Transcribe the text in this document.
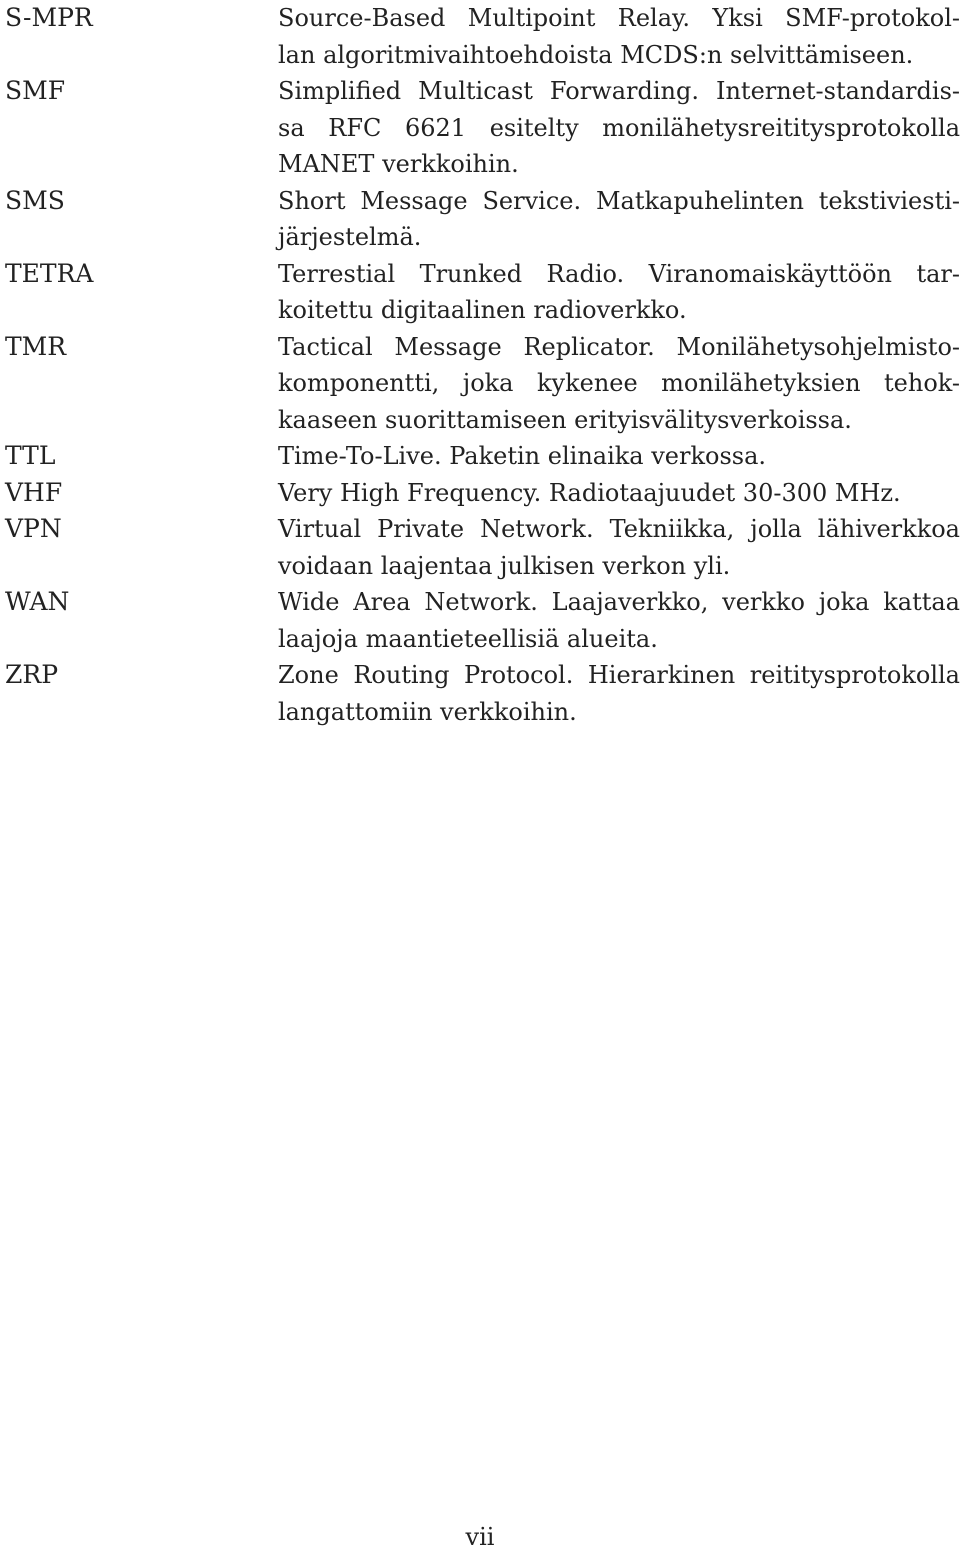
S-MPR	Source-Based Multipoint Relay. Yksi SMF-protokol-
lan algoritmivaihtoehdoista MCDS:n selvittämiseen.
SMF	Simplified Multicast Forwarding. Internet-standardis-
sa RFC 6621 esitelty monilähetysreititysprotokolla
MANET verkkoihin.
SMS	Short Message Service. Matkapuhelinten tekstiviesti-
järjestelmä.
TETRA	Terrestial Trunked Radio. Viranomaiskäyttöön tar-
koitettu digitaalinen radioverkko.
TMR	Tactical Message Replicator. Monilähetysohjelmisto-
komponentti, joka kykenee monilähetyksien tehok-
kaaseen suorittamiseen erityisvälitysverkoissa.
TTL	Time-To-Live. Paketin elinaika verkossa.
VHF	Very High Frequency. Radiotaajuudet 30-300 MHz.
VPN	Virtual Private Network. Tekniikka, jolla lähiverkkoa
voidaan laajentaa julkisen verkon yli.
WAN	Wide Area Network. Laajaverkko, verkko joka kattaa
laajoja maantieteellisiä alueita.
ZRP	Zone Routing Protocol. Hierarkinen reititysprotokolla
langattomiin verkkoihin.
vii
